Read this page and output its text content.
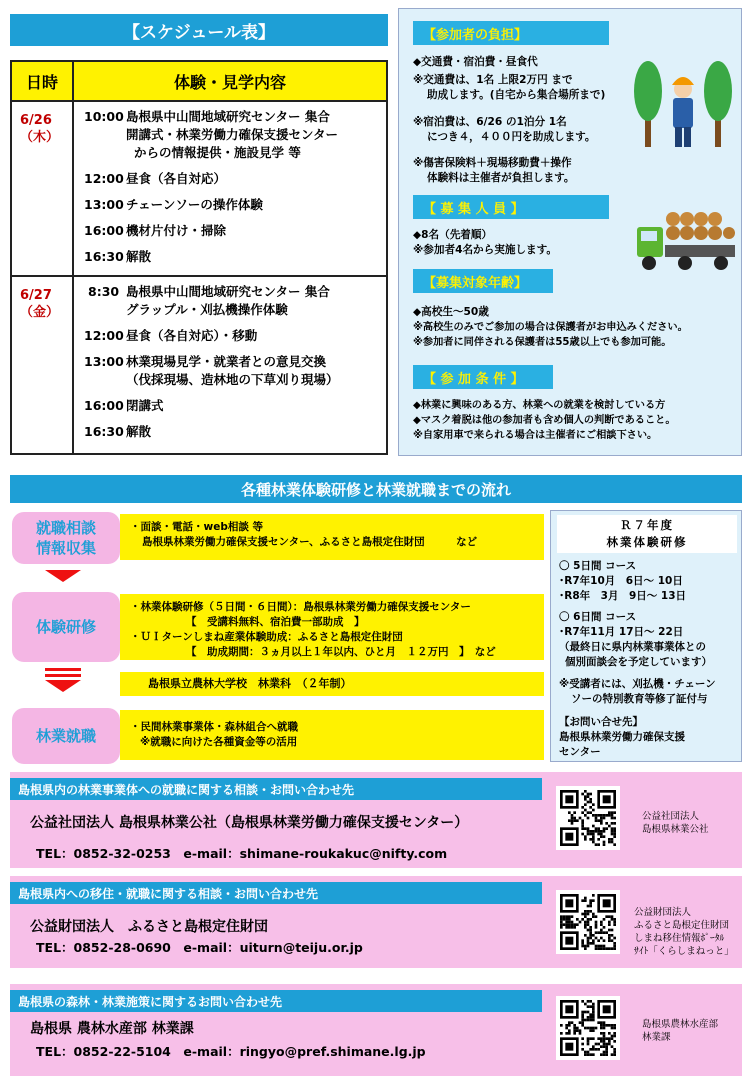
【スケジュール表】
日時	体験・見学内容
6/26
（木）
10:00 島根県中山間地域研究センター 集合
開講式・林業労働力確保支援センター
からの情報提供・施設見学 等
12:00 昼食（各自対応）
13:00 チェーンソーの操作体験
16:00 機材片付け・掃除
16:30 解散
6/27
（金）
8:30 島根県中山間地域研究センター 集合
グラップル・刈払機操作体験
12:00 昼食（各自対応）・移動
13:00 林業現場見学・就業者との意見交換
（伐採現場、造林地の下草刈り現場）
16:00 閉講式
16:30 解散
【参加者の負担】
◆交通費・宿泊費・昼食代
※交通費は、1名 上限2万円 まで
助成します。(自宅から集合場所まで)
※宿泊費は、6/26 の1泊分 1名
につき４，４００円を助成します。
※傷害保険料＋現場移動費＋操作
体験料は主催者が負担します。
【 募 集 人 員 】
◆8名（先着順）
※参加者4名から実施します。
【募集対象年齢】
◆高校生～50歳
※高校生のみでご参加の場合は保護者がお申込みください。
※参加者に同伴される保護者は55歳以上でも参加可能。
【 参 加 条 件 】
◆林業に興味のある方、林業への就業を検討している方
◆マスク着脱は他の参加者も含め個人の判断であること。
※自家用車で来られる場合は主催者にご相談下さい。
各種林業体験研修と林業就職までの流れ
就職相談
情報収集
・面談・電話・web相談 等
島根県林業労働力確保支援センター、ふるさと島根定住財団　　　など
体験研修
・林業体験研修（５日間・６日間）：島根県林業労働力確保支援センター
【　受講料無料、宿泊費一部助成　】
・ＵＩターンしまね産業体験助成：ふるさと島根定住財団
【　助成期間：３ヵ月以上１年以内、ひと月　１２万円　】　など
島根県立農林大学校　林業科　（２年制）
林業就職	・民間林業事業体・森林組合へ就職
※就職に向けた各種資金等の活用
Ｒ７年度
林業体験研修
〇 5日間 コース
･R7年10月　6日～ 10日
･R8年　3月　9日～ 13日
〇 6日間 コース
･R7年11月 17日～ 22日
（最終日に県内林業事業体との
個別面談会を予定しています）
※受講者には、刈払機・チェーン
ソーの特別教育等修了証付与
【お問い合せ先】
島根県林業労働力確保支援
センター
島根県内の林業事業体への就職に関する相談・お問い合わせ先
公益社団法人 島根県林業公社（島根県林業労働力確保支援センター）
TEL：0852-32-0253　e-mail：shimane-roukakuc@nifty.com
公益社団法人
島根県林業公社
島根県内への移住・就職に関する相談・お問い合わせ先
公益財団法人　ふるさと島根定住財団
TEL：0852-28-0690　e-mail：uiturn@teiju.or.jp
公益財団法人
ふるさと島根定住財団
しまね移住情報ﾎﾟｰﾀﾙ
ｻｲﾄ「くらしまねっと」
島根県の森林・林業施策に関するお問い合わせ先
島根県 農林水産部 林業課
TEL：0852-22-5104　e-mail：ringyo@pref.shimane.lg.jp
島根県農林水産部
林業課
